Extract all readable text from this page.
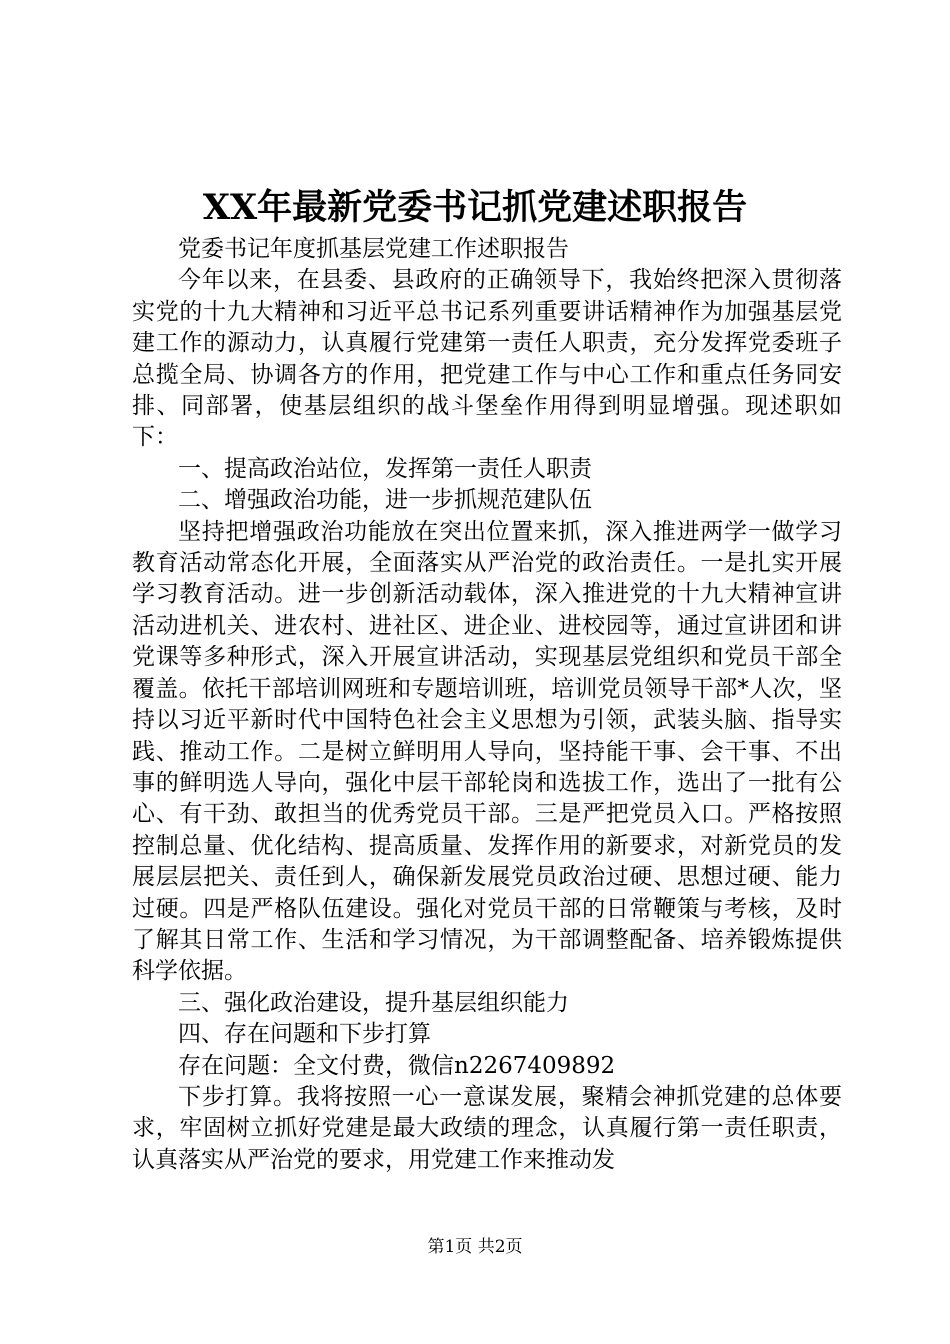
XX年最新党委书记抓党建述职报告

党委书记年度抓基层党建工作述职报告

今年以来，在县委、县政府的正确领导下，我始终把深入贯彻落实党的十九大精神和习近平总书记系列重要讲话精神作为加强基层党建工作的源动力，认真履行党建第一责任人职责，充分发挥党委班子总揽全局、协调各方的作用，把党建工作与中心工作和重点任务同安排、同部署，使基层组织的战斗堡垒作用得到明显增强。现述职如下：

一、提高政治站位，发挥第一责任人职责

二、增强政治功能，进一步抓规范建队伍

坚持把增强政治功能放在突出位置来抓，深入推进两学一做学习教育活动常态化开展，全面落实从严治党的政治责任。一是扎实开展学习教育活动。进一步创新活动载体，深入推进党的十九大精神宣讲活动进机关、进农村、进社区、进企业、进校园等，通过宣讲团和讲党课等多种形式，深入开展宣讲活动，实现基层党组织和党员干部全覆盖。依托干部培训网班和专题培训班，培训党员领导干部*人次，坚持以习近平新时代中国特色社会主义思想为引领，武装头脑、指导实践、推动工作。二是树立鲜明用人导向，坚持能干事、会干事、不出事的鲜明选人导向，强化中层干部轮岗和选拔工作，选出了一批有公心、有干劲、敢担当的优秀党员干部。三是严把党员入口。严格按照控制总量、优化结构、提高质量、发挥作用的新要求，对新党员的发展层层把关、责任到人，确保新发展党员政治过硬、思想过硬、能力过硬。四是严格队伍建设。强化对党员干部的日常鞭策与考核，及时了解其日常工作、生活和学习情况，为干部调整配备、培养锻炼提供科学依据。

三、强化政治建设，提升基层组织能力

四、存在问题和下步打算

存在问题：全文付费，微信n2267409892

下步打算。我将按照一心一意谋发展，聚精会神抓党建的总体要求，牢固树立抓好党建是最大政绩的理念，认真履行第一责任职责，认真落实从严治党的要求，用党建工作来推动发

第1页 共2页
